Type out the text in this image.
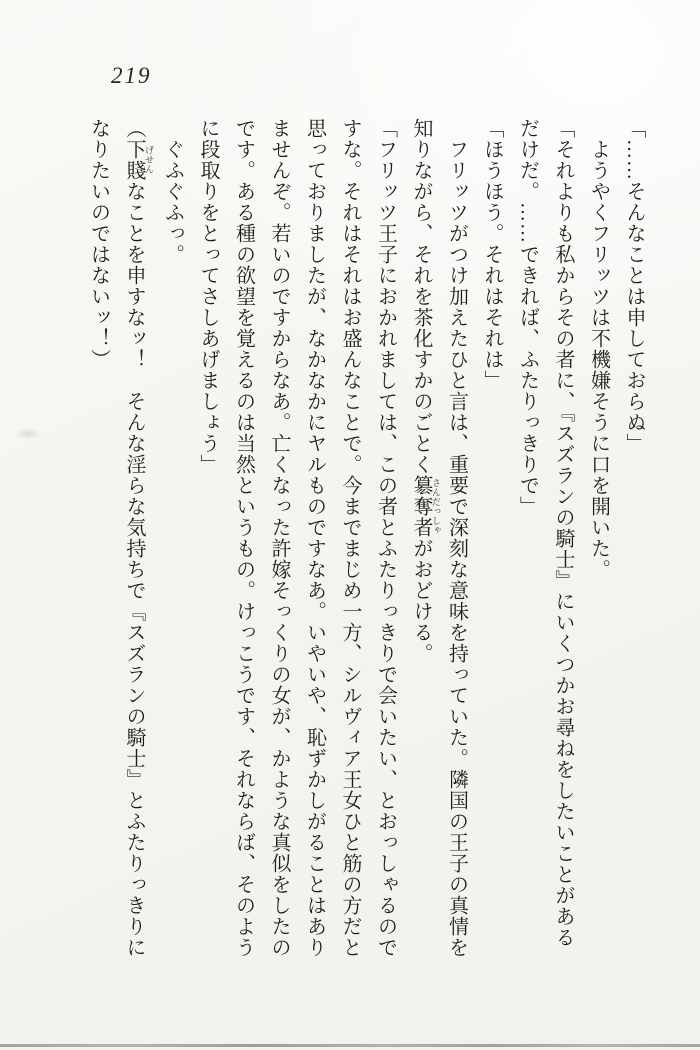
219

「……そんなことは申しておらぬ」

ようやくフリッツは不機嫌そうに口を開いた。

「それよりも私からその者に、『スズランの騎士』にいくつかお尋ねをしたいことがあるだけだ。……できれば、ふたりっきりで」

「ほうほう。それはそれは」

フリッツがつけ加えたひと言は、重要で深刻な意味を持っていた。隣国の王子の真情を知りながら、それを茶化すかのごとく簒奪者 さんだっしゃがおどける。

「フリッツ王子におかれましては、この者とふたりっきりで会いたい、とおっしゃるのですな。それはそれはお盛んなことで。今までまじめ一方、シルヴィア王女ひと筋の方だと思っておりましたが、なかなかにヤルものですなあ。いやいや、恥ずかしがることはありませんぞ。若いのですからなあ。亡くなった許嫁そっくりの女が、かような真似をしたのです。ある種の欲望を覚えるのは当然というもの。けっこうです、それならば、そのように段取りをとってさしあげましょう」

ぐふぐふっ。

（下賤 げせんなことを申すなッ！　そんな淫らな気持ちで『スズランの騎士』とふたりっきりになりたいのではないッ！）
